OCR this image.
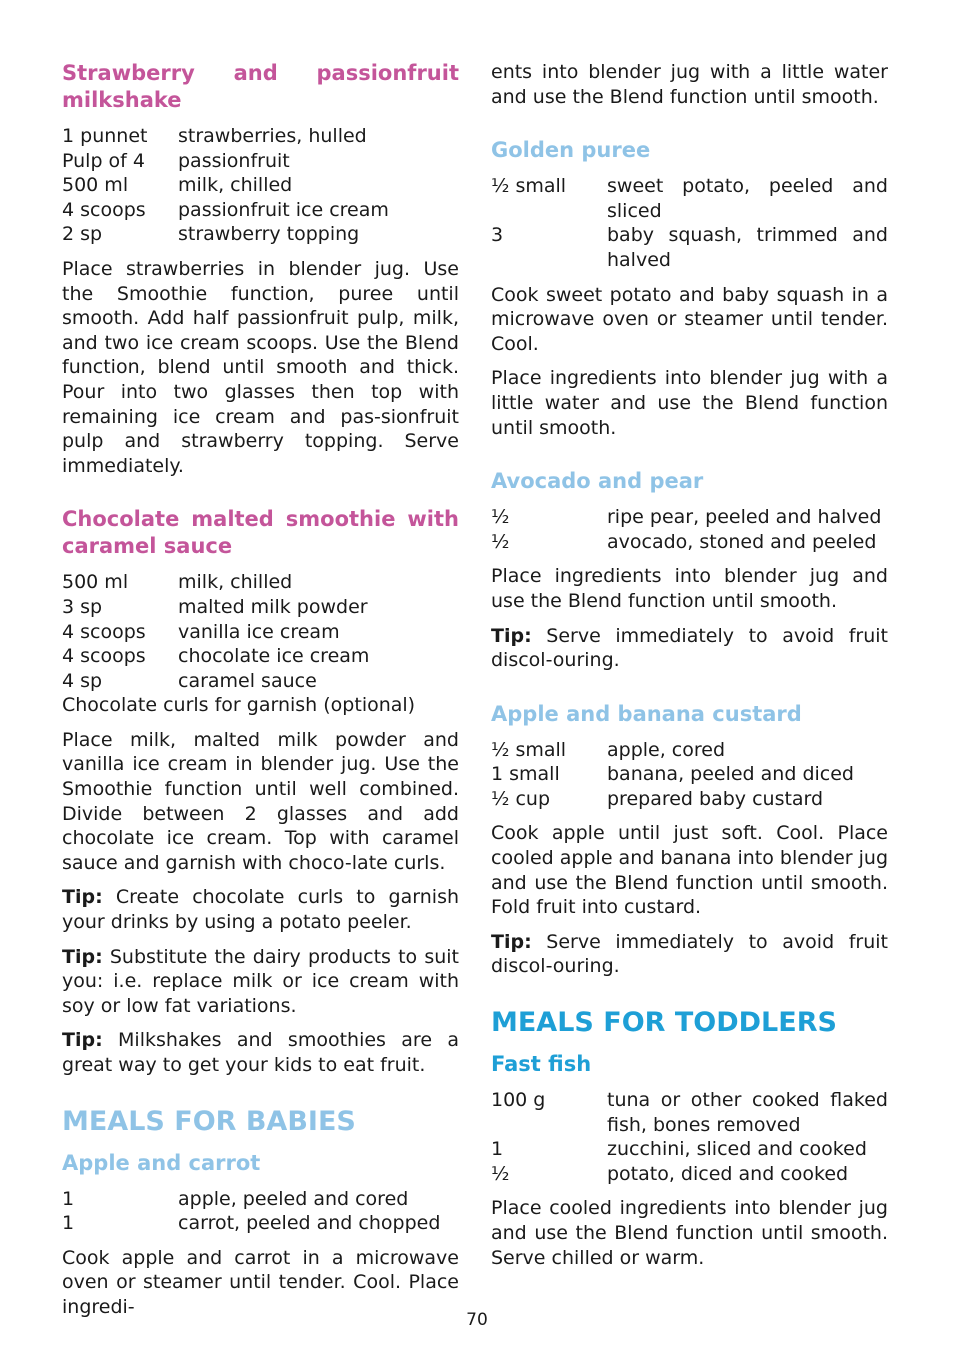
Strawberry and passionfruit milkshake
1 punnet	strawberries, hulled
Pulp of 4	passionfruit
500 ml	milk, chilled
4 scoops	passionfruit ice cream
2 sp	strawberry topping

Place strawberries in blender jug. Use the Smoothie function, puree until smooth. Add half passionfruit pulp, milk, and two ice cream scoops. Use the Blend function, blend until smooth and thick. Pour into two glasses then top with remaining ice cream and pas-sionfruit pulp and strawberry topping. Serve immediately.

Chocolate malted smoothie with caramel sauce
500 ml	milk, chilled
3 sp	malted milk powder
4 scoops	vanilla ice cream
4 scoops	chocolate ice cream
4 sp	caramel sauce
Chocolate curls for garnish (optional)

Place milk, malted milk powder and vanilla ice cream in blender jug. Use the Smoothie function until well combined. Divide between 2 glasses and add chocolate ice cream. Top with caramel sauce and garnish with choco-late curls.

Tip: Create chocolate curls to garnish your drinks by using a potato peeler.

Tip: Substitute the dairy products to suit you: i.e. replace milk or ice cream with soy or low fat variations.

Tip: Milkshakes and smoothies are a great way to get your kids to eat fruit.

MEALS FOR BABIES
Apple and carrot
1	apple, peeled and cored
1	carrot, peeled and chopped

Cook apple and carrot in a microwave oven or steamer until tender. Cool. Place ingredi-

ents into blender jug with a little water and use the Blend function until smooth.

Golden puree
½ small	sweet potato, peeled and sliced
3	baby squash, trimmed and halved

Cook sweet potato and baby squash in a microwave oven or steamer until tender. Cool.

Place ingredients into blender jug with a little water and use the Blend function until smooth.

Avocado and pear
½	ripe pear, peeled and halved
½	avocado, stoned and peeled

Place ingredients into blender jug and use the Blend function until smooth.

Tip: Serve immediately to avoid fruit discol-ouring.

Apple and banana custard
½ small	apple, cored
1 small	banana, peeled and diced
½ cup	prepared baby custard

Cook apple until just soft. Cool. Place cooled apple and banana into blender jug and use the Blend function until smooth. Fold fruit into custard.

Tip: Serve immediately to avoid fruit discol-ouring.

MEALS FOR TODDLERS
Fast fish
100 g	tuna or other cooked flaked fish, bones removed
1	zucchini, sliced and cooked
½	potato, diced and cooked

Place cooled ingredients into blender jug and use the Blend function until smooth. Serve chilled or warm.

70
